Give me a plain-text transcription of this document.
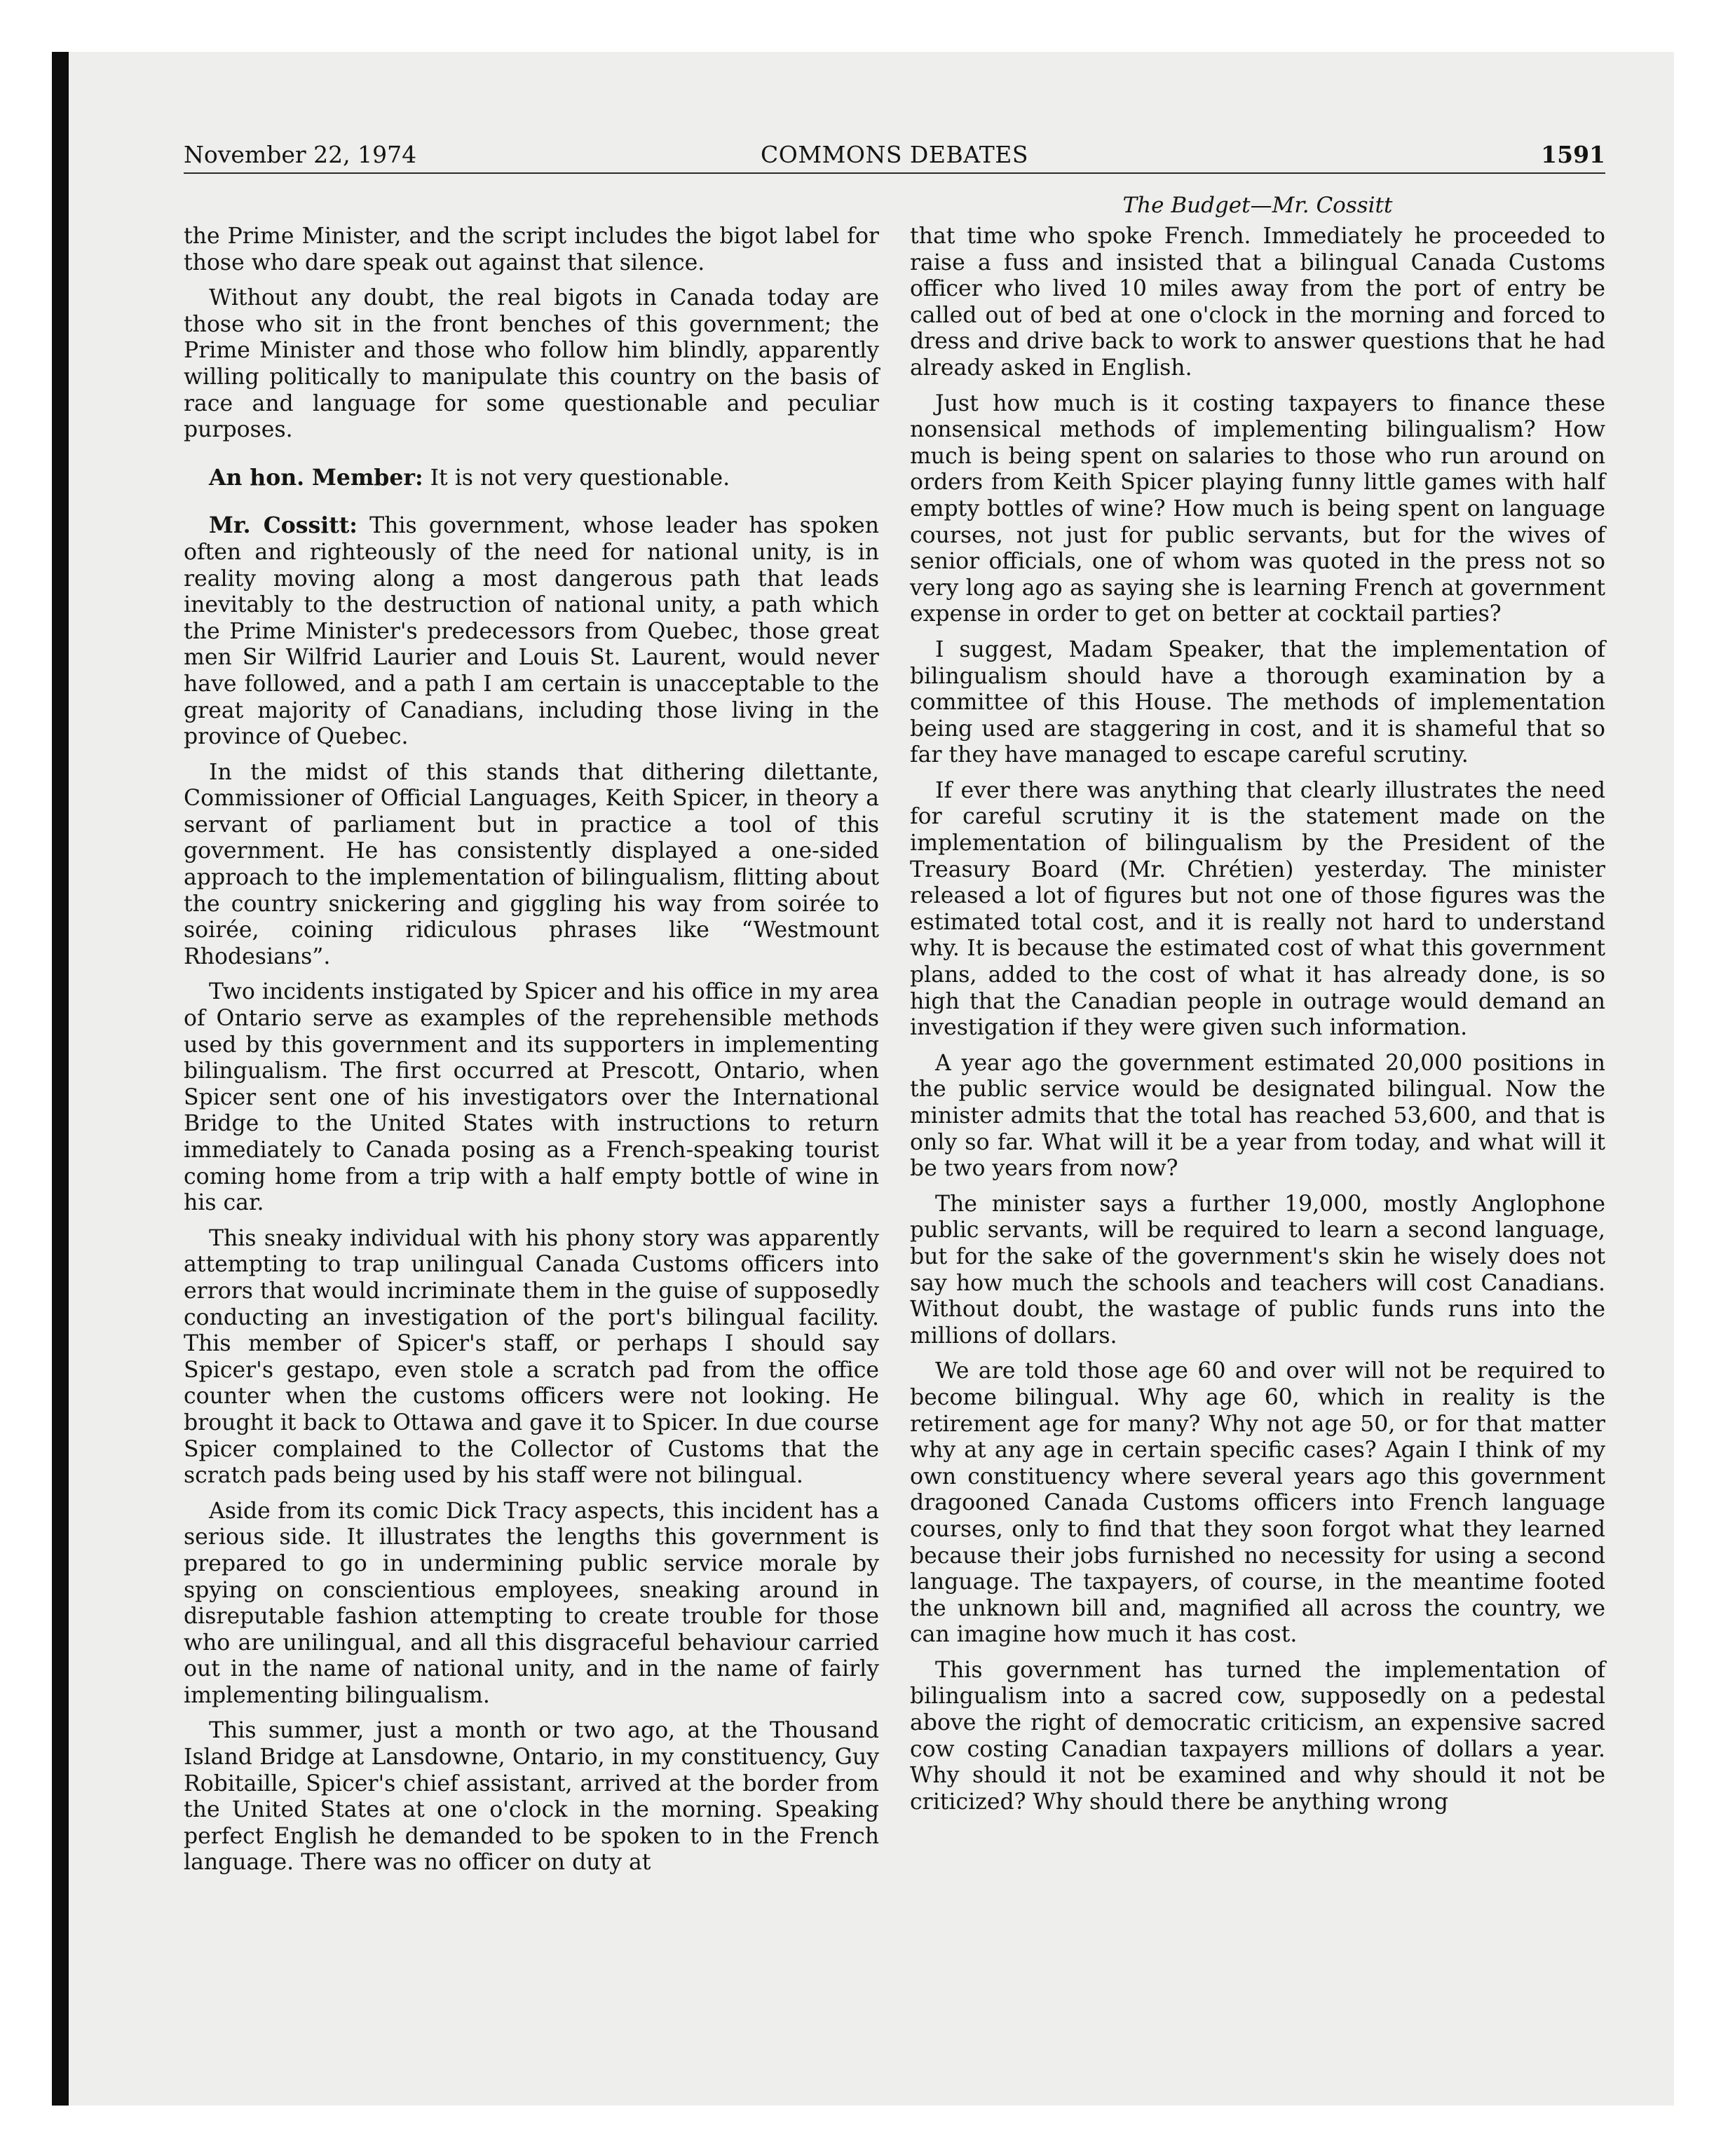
November 22, 1974	COMMONS DEBATES	1591
The Budget—Mr. Cossitt

the Prime Minister, and the script includes the bigot label for those who dare speak out against that silence.

Without any doubt, the real bigots in Canada today are those who sit in the front benches of this government; the Prime Minister and those who follow him blindly, apparently willing politically to manipulate this country on the basis of race and language for some questionable and peculiar purposes.

An hon. Member: It is not very questionable.

Mr. Cossitt: This government, whose leader has spoken often and righteously of the need for national unity, is in reality moving along a most dangerous path that leads inevitably to the destruction of national unity, a path which the Prime Minister's predecessors from Quebec, those great men Sir Wilfrid Laurier and Louis St. Laurent, would never have followed, and a path I am certain is unacceptable to the great majority of Canadians, including those living in the province of Quebec.

In the midst of this stands that dithering dilettante, Commissioner of Official Languages, Keith Spicer, in theory a servant of parliament but in practice a tool of this government. He has consistently displayed a one-sided approach to the implementation of bilingualism, flitting about the country snickering and giggling his way from soirée to soirée, coining ridiculous phrases like “Westmount Rhodesians”.

Two incidents instigated by Spicer and his office in my area of Ontario serve as examples of the reprehensible methods used by this government and its supporters in implementing bilingualism. The first occurred at Prescott, Ontario, when Spicer sent one of his investigators over the International Bridge to the United States with instructions to return immediately to Canada posing as a French-speaking tourist coming home from a trip with a half empty bottle of wine in his car.

This sneaky individual with his phony story was apparently attempting to trap unilingual Canada Customs officers into errors that would incriminate them in the guise of supposedly conducting an investigation of the port's bilingual facility. This member of Spicer's staff, or perhaps I should say Spicer's gestapo, even stole a scratch pad from the office counter when the customs officers were not looking. He brought it back to Ottawa and gave it to Spicer. In due course Spicer complained to the Collector of Customs that the scratch pads being used by his staff were not bilingual.

Aside from its comic Dick Tracy aspects, this incident has a serious side. It illustrates the lengths this government is prepared to go in undermining public service morale by spying on conscientious employees, sneaking around in disreputable fashion attempting to create trouble for those who are unilingual, and all this disgraceful behaviour carried out in the name of national unity, and in the name of fairly implementing bilingualism.

This summer, just a month or two ago, at the Thousand Island Bridge at Lansdowne, Ontario, in my constituency, Guy Robitaille, Spicer's chief assistant, arrived at the border from the United States at one o'clock in the morning. Speaking perfect English he demanded to be spoken to in the French language. There was no officer on duty at

that time who spoke French. Immediately he proceeded to raise a fuss and insisted that a bilingual Canada Customs officer who lived 10 miles away from the port of entry be called out of bed at one o'clock in the morning and forced to dress and drive back to work to answer questions that he had already asked in English.

Just how much is it costing taxpayers to finance these nonsensical methods of implementing bilingualism? How much is being spent on salaries to those who run around on orders from Keith Spicer playing funny little games with half empty bottles of wine? How much is being spent on language courses, not just for public servants, but for the wives of senior officials, one of whom was quoted in the press not so very long ago as saying she is learning French at government expense in order to get on better at cocktail parties?

I suggest, Madam Speaker, that the implementation of bilingualism should have a thorough examination by a committee of this House. The methods of implementation being used are staggering in cost, and it is shameful that so far they have managed to escape careful scrutiny.

If ever there was anything that clearly illustrates the need for careful scrutiny it is the statement made on the implementation of bilingualism by the President of the Treasury Board (Mr. Chrétien) yesterday. The minister released a lot of figures but not one of those figures was the estimated total cost, and it is really not hard to understand why. It is because the estimated cost of what this government plans, added to the cost of what it has already done, is so high that the Canadian people in outrage would demand an investigation if they were given such information.

A year ago the government estimated 20,000 positions in the public service would be designated bilingual. Now the minister admits that the total has reached 53,600, and that is only so far. What will it be a year from today, and what will it be two years from now?

The minister says a further 19,000, mostly Anglophone public servants, will be required to learn a second language, but for the sake of the government's skin he wisely does not say how much the schools and teachers will cost Canadians. Without doubt, the wastage of public funds runs into the millions of dollars.

We are told those age 60 and over will not be required to become bilingual. Why age 60, which in reality is the retirement age for many? Why not age 50, or for that matter why at any age in certain specific cases? Again I think of my own constituency where several years ago this government dragooned Canada Customs officers into French language courses, only to find that they soon forgot what they learned because their jobs furnished no necessity for using a second language. The taxpayers, of course, in the meantime footed the unknown bill and, magnified all across the country, we can imagine how much it has cost.

This government has turned the implementation of bilingualism into a sacred cow, supposedly on a pedestal above the right of democratic criticism, an expensive sacred cow costing Canadian taxpayers millions of dollars a year. Why should it not be examined and why should it not be criticized? Why should there be anything wrong
